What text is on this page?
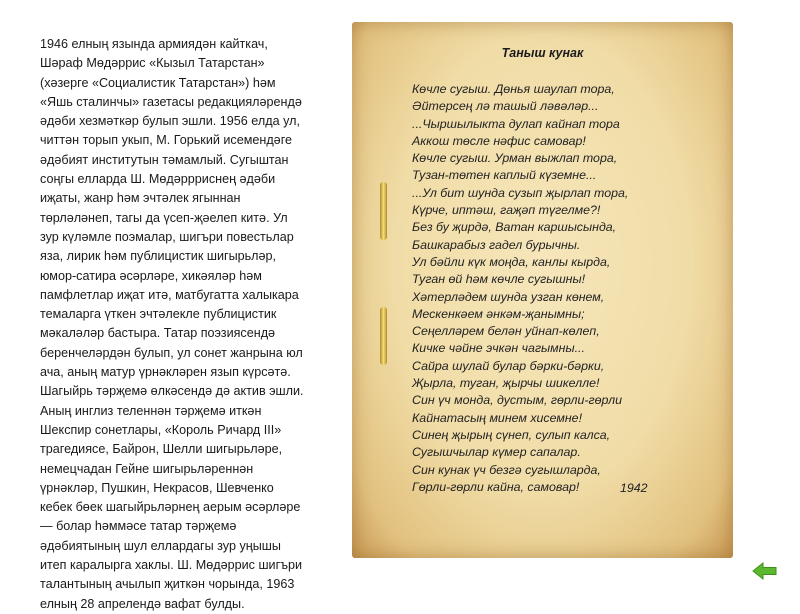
1946 елның язында армиядән кайткач,
Шәраф Мөдәррис «Кызыл Татарстан»
(хәзерге «Социалистик Татарстан») һәм
«Яшь сталинчы» газетасы редакцияләрендә
әдәби хезмәткәр булып эшли. 1956 елда ул,
читтән торып укып, М. Горький исемендәге
әдәбият институтын тәмамлый. Сугыштан
соңгы елларда Ш. Мөдәррриснең әдәби
иҗаты, жанр һәм эчтәлек ягыннан
төрләләнеп, тагы да үсеп-җәелеп китә. Ул
зур күләмле поэмалар, шигъри повестьлар
яза, лирик һәм публицистик шигырьләр,
юмор-сатира әсәрләре, хикәяләр һәм
памфлетлар иҗат итә, матбугатта халыкара
темаларга үткен эчтәлекле публицистик
мәкаләләр бастыра. Татар поэзиясендә
беренчеләрдән булып, ул сонет жанрына юл
ача, аның матур үрнәкләрен язып күрсәтә.
Шагыйрь тәрҗемә өлкәсендә дә актив эшли.
Аның инглиз теленнән тәрҗемә иткән
Шекспир сонетлары, «Король Ричард III»
трагедиясе, Байрон, Шелли шигырьләре,
немецчадан Гейне шигырьләреннән
үрнәкләр, Пушкин, Некрасов, Шевченко
кебек бөек шагыйрьләрнең аерым әсәрләре
— болар һәммәсе татар тәрҗемә
әдәбиятының шул еллардагы зур уңышы
итеп каралырга хаклы. Ш. Мөдәррис шигъри
талантының ачылып җиткән чорында, 1963
елның 28 апрелендә вафат булды.
Таныш кунак
Көчле сугыш. Дөнья шаулап тора,
Әйтерсең лә ташый ләвәләр...
...Чыршылыкта дулап кайнап тора
Аккош төсле нәфис самовар!
Көчле сугыш. Урман выжлап тора,
Тузан-төтен каплый күземне...
...Ул бит шунда сузып җырлап тора,
Күрче, иптәш, гаҗәп түгелме?!
Без бу җирдә, Ватан каршысында,
Башкарабыз гадел бурычны.
Ул бәйли күк моңда, канлы кырда,
Туган өй һәм көчле сугышны!
Хәтерләдем шунда узган көнем,
Мескенкәем әнкәм-җанымны;
Сеңелләрем белән уйнап-көлеп,
Кичке чәйне эчкән чагымны...
Сайра шулай булар бәрки-бәрки,
Җырла, туган, җырчы шикелле!
Син үч монда, дустым, гөрли-гөрли
Кайнатасың минем хисемне!
Синең җырың сүнеп, сулып калса,
Сугышчылар күмер сапалар.
Син кунак үч безгә сугышларда,
Гөрли-гөрли кайна, самовар!	1942
